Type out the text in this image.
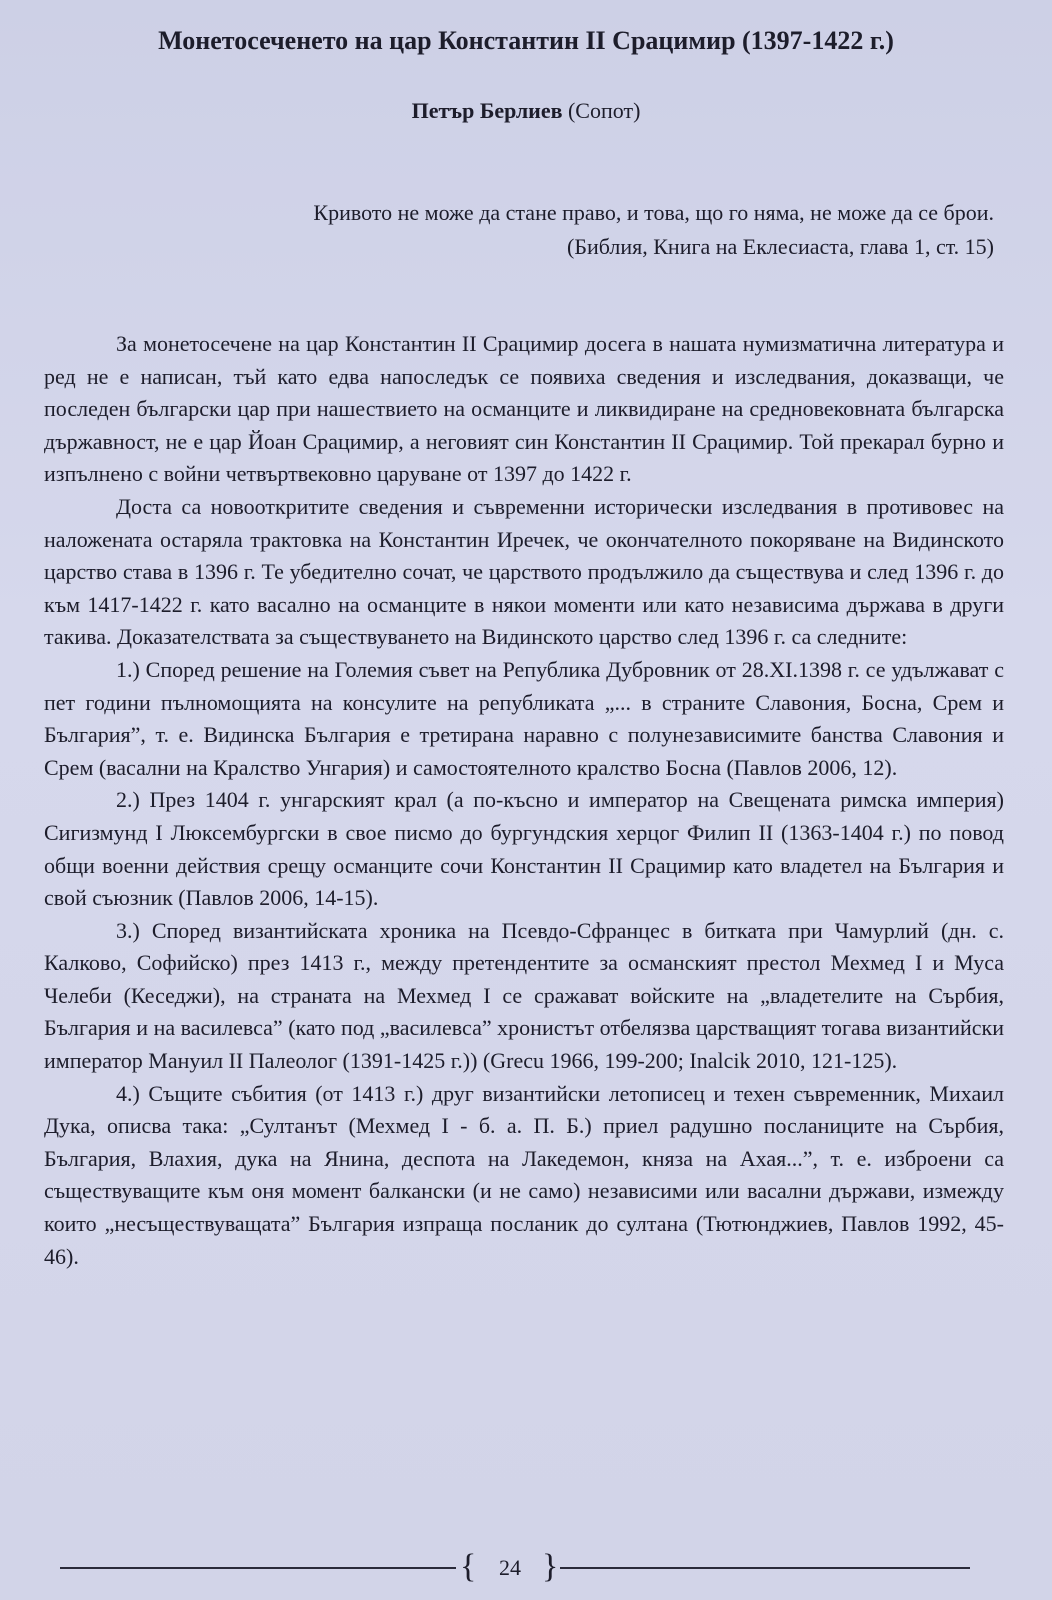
Монетосеченето на цар Константин II Срацимир (1397-1422 г.)
Петър Берлиев (Сопот)
Кривото не може да стане право, и това, що го няма, не може да се брои.
(Библия, Книга на Еклесиаста, глава 1, ст. 15)

За монетосечене на цар Константин II Срацимир досега в нашата нумизматична литература и ред не е написан, тъй като едва напоследък се появиха сведения и изследвания, доказващи, че последен български цар при нашествието на османците и ликвидиране на средновековната българска държавност, не е цар Йоан Срацимир, а неговият син Константин II Срацимир. Той прекарал бурно и изпълнено с войни четвъртвековно царуване от 1397 до 1422 г.

Доста са новооткритите сведения и съвременни исторически изследвания в противовес на наложената остаряла трактовка на Константин Иречек, че окончателното покоряване на Видинското царство става в 1396 г. Те убедително сочат, че царството продължило да съществува и след 1396 г. до към 1417-1422 г. като васално на османците в някои моменти или като независима държава в други такива. Доказателствата за съществуването на Видинското царство след 1396 г. са следните:

1.) Според решение на Големия съвет на Република Дубровник от 28.XI.1398 г. се удължават с пет години пълномощията на консулите на републиката „... в страните Славония, Босна, Срем и България”, т. е. Видинска България е третирана наравно с полунезависимите банства Славония и Срем (васални на Кралство Унгария) и самостоятелното кралство Босна (Павлов 2006, 12).

2.) През 1404 г. унгарският крал (а по-късно и император на Свещената римска империя) Сигизмунд I Люксембургски в свое писмо до бургундския херцог Филип II (1363-1404 г.) по повод общи военни действия срещу османците сочи Константин II Срацимир като владетел на България и свой съюзник (Павлов 2006, 14-15).

3.) Според византийската хроника на Псевдо-Сфранцес в битката при Чамурлий (дн. с. Калково, Софийско) през 1413 г., между претендентите за османският престол Мехмед I и Муса Челеби (Кеседжи), на страната на Мехмед I се сражават войските на „владетелите на Сърбия, България и на василевса” (като под „василевса” хронистът отбелязва царстващият тогава византийски император Мануил II Палеолог (1391-1425 г.)) (Grecu 1966, 199-200; Inalcik 2010, 121-125).

4.) Същите събития (от 1413 г.) друг византийски летописец и техен съвременник, Михаил Дука, описва така: „Султанът (Мехмед I - б. а. П. Б.) приел радушно посланиците на Сърбия, България, Влахия, дука на Янина, деспота на Лакедемон, княза на Ахая...”, т. е. изброени са съществуващите към оня момент балкански (и не само) независими или васални държави, измежду които „несъществуващата” България изпраща посланик до султана (Тютюнджиев, Павлов 1992, 45-46).

{	24 }
